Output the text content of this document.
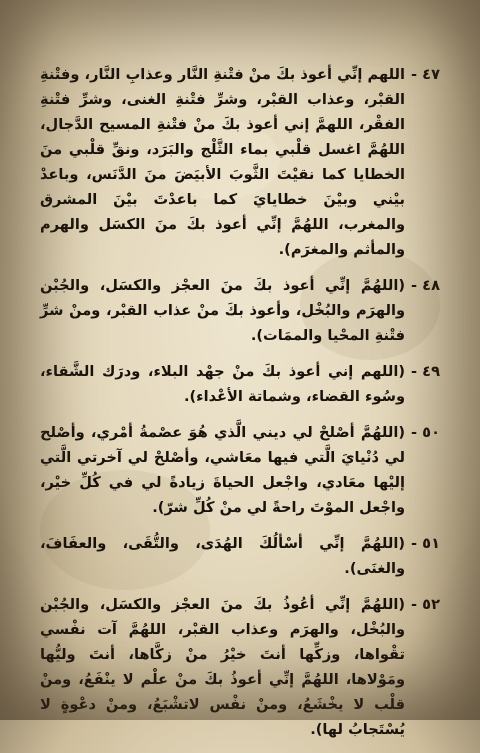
٤٧ -
اللهم إنِّي أعوذ بكَ منْ فتْنةِ النَّار وعذابِ النَّار، وفتْنةِ القبْر، وعذاب القبْر، وشرِّ فتْنةِ الغنى، وشرِّ فتْنةِ الفقْر، اللهمَّ إني أعوذ بكَ منْ فتْنةِ المسيح الدَّجال، اللهُمَّ اغسل قلْبي بماء الثَّلْج والبَرَد، ونقِّ قلْبي منَ الخطايا كما نقيْتَ الثَّوبَ الأبيَضَ منَ الدَّنَس، وباعدْ بيْني وبيْنَ خطايايَ كما باعدْتَ بيْنَ المشرق والمغرب، اللهُمَّ إنِّي أعوذ بكَ منَ الكسَل والهرم والمأثم والمغرَم).
٤٨ -
(اللهُمَّ إنِّي أعوذ بكَ منَ العجْز والكسَل، والجُبْن والهرَم والبُخْل، وأعوذ بكَ منْ عذاب القبْر، ومنْ شرِّ فتْنةِ المحْيا والممَات).
٤٩ -
(اللهم إني أعوذ بكَ منْ جهْد البلاء، ودرَك الشَّقاء، وسُوء القضاء، وشماتة الأعْداء).
٥٠ -
(اللهُمَّ أصْلحْ لي ديني الَّذي هُوَ عصْمةُ أمْري، وأصْلح لي دُنْيايَ الَّتي فيها معَاشي، وأصْلحْ لي آخرتي الَّتي إليْها معَادي، واجْعل الحياةَ زيادةً لي في كُلِّ خيْر، واجْعل الموْتَ راحةً لي منْ كُلِّ شرّ).
٥١ -
(اللهُمَّ إنِّي أسْألُكَ الهُدَى، والتُّقَى، والعفَافَ، والغنَى).
٥٢ -
(اللهُمَّ إنِّي أعُوذُ بكَ منَ العجْز والكسَل، والجُبْن والبُخْل، والهرَم وعذاب القبْر، اللهُمَّ آت نفْسي تقْواها، وزكِّها أنتَ خيْرُ منْ زكَّاها، أنتَ وليُّها ومَوْلاها، اللهُمَّ إنِّي أعوذُ بكَ منْ علْم لا ينْفَعُ، ومنْ قلْب لا يخْشَعُ، ومنْ نفْس لاتشْبَعُ، ومنْ دعْوةٍ لا يُسْتَجابُ لها).
